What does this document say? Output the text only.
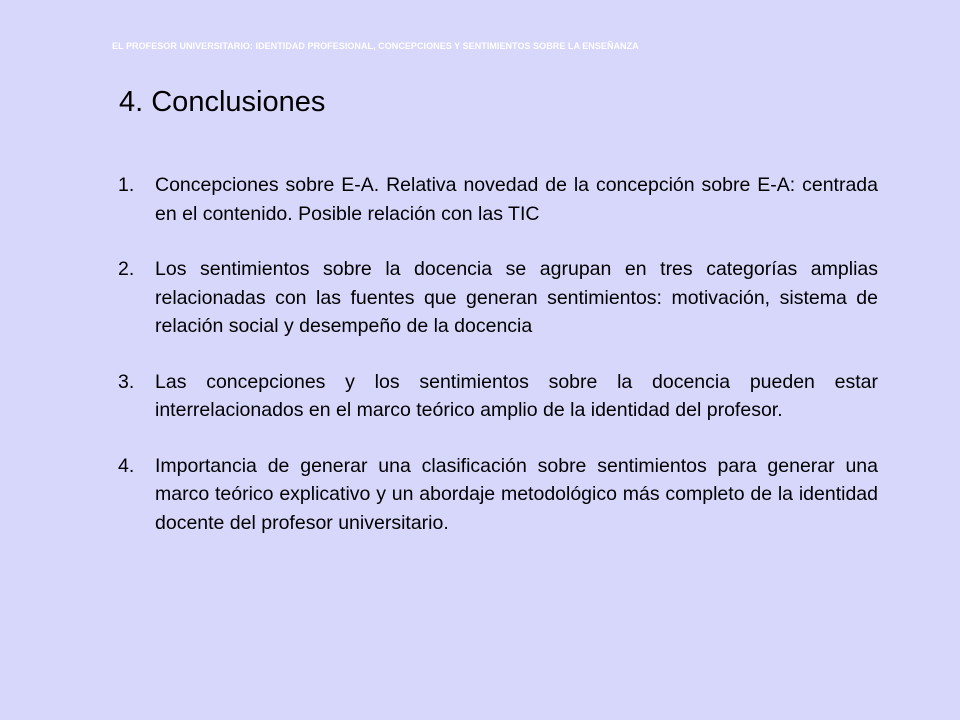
EL PROFESOR UNIVERSITARIO: IDENTIDAD PROFESIONAL, CONCEPCIONES Y SENTIMIENTOS SOBRE LA ENSEÑANZA
4. Conclusiones
1.	Concepciones sobre E-A. Relativa novedad de la concepción sobre E-A: centrada en el contenido. Posible relación con las TIC
2.	Los sentimientos sobre la docencia se agrupan en tres categorías amplias relacionadas con las fuentes que generan sentimientos: motivación, sistema de relación social y desempeño de la docencia
3.	Las concepciones y los sentimientos sobre la docencia pueden estar interrelacionados en el marco teórico amplio de la identidad del profesor.
4.	Importancia de generar una clasificación sobre sentimientos para generar una marco teórico explicativo y un abordaje metodológico más completo de la identidad docente del profesor universitario.
